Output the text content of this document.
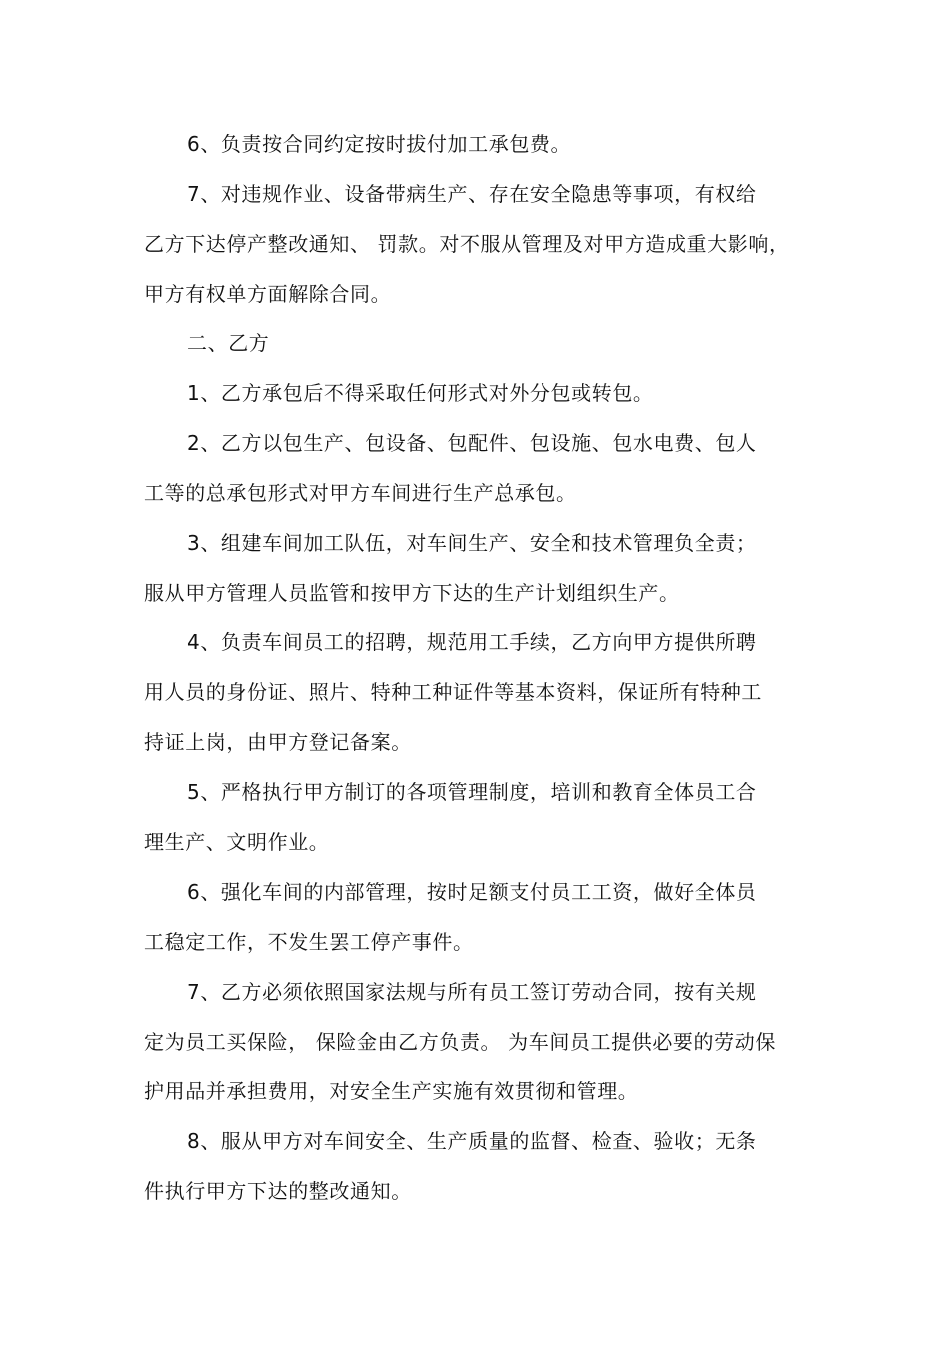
6、负责按合同约定按时拔付加工承包费。
7、对违规作业、设备带病生产、存在安全隐患等事项，有权给
乙方下达停产整改通知、 罚款。对不服从管理及对甲方造成重大影响，
甲方有权单方面解除合同。
二、乙方
1、乙方承包后不得采取任何形式对外分包或转包。
2、乙方以包生产、包设备、包配件、包设施、包水电费、包人
工等的总承包形式对甲方车间进行生产总承包。
3、组建车间加工队伍，对车间生产、安全和技术管理负全责；
服从甲方管理人员监管和按甲方下达的生产计划组织生产。
4、负责车间员工的招聘，规范用工手续，乙方向甲方提供所聘
用人员的身份证、照片、特种工种证件等基本资料，保证所有特种工
持证上岗，由甲方登记备案。
5、严格执行甲方制订的各项管理制度，培训和教育全体员工合
理生产、文明作业。
6、强化车间的内部管理，按时足额支付员工工资，做好全体员
工稳定工作，不发生罢工停产事件。
7、乙方必须依照国家法规与所有员工签订劳动合同，按有关规
定为员工买保险， 保险金由乙方负责。 为车间员工提供必要的劳动保
护用品并承担费用，对安全生产实施有效贯彻和管理。
8、服从甲方对车间安全、生产质量的监督、检查、验收；无条
件执行甲方下达的整改通知。
